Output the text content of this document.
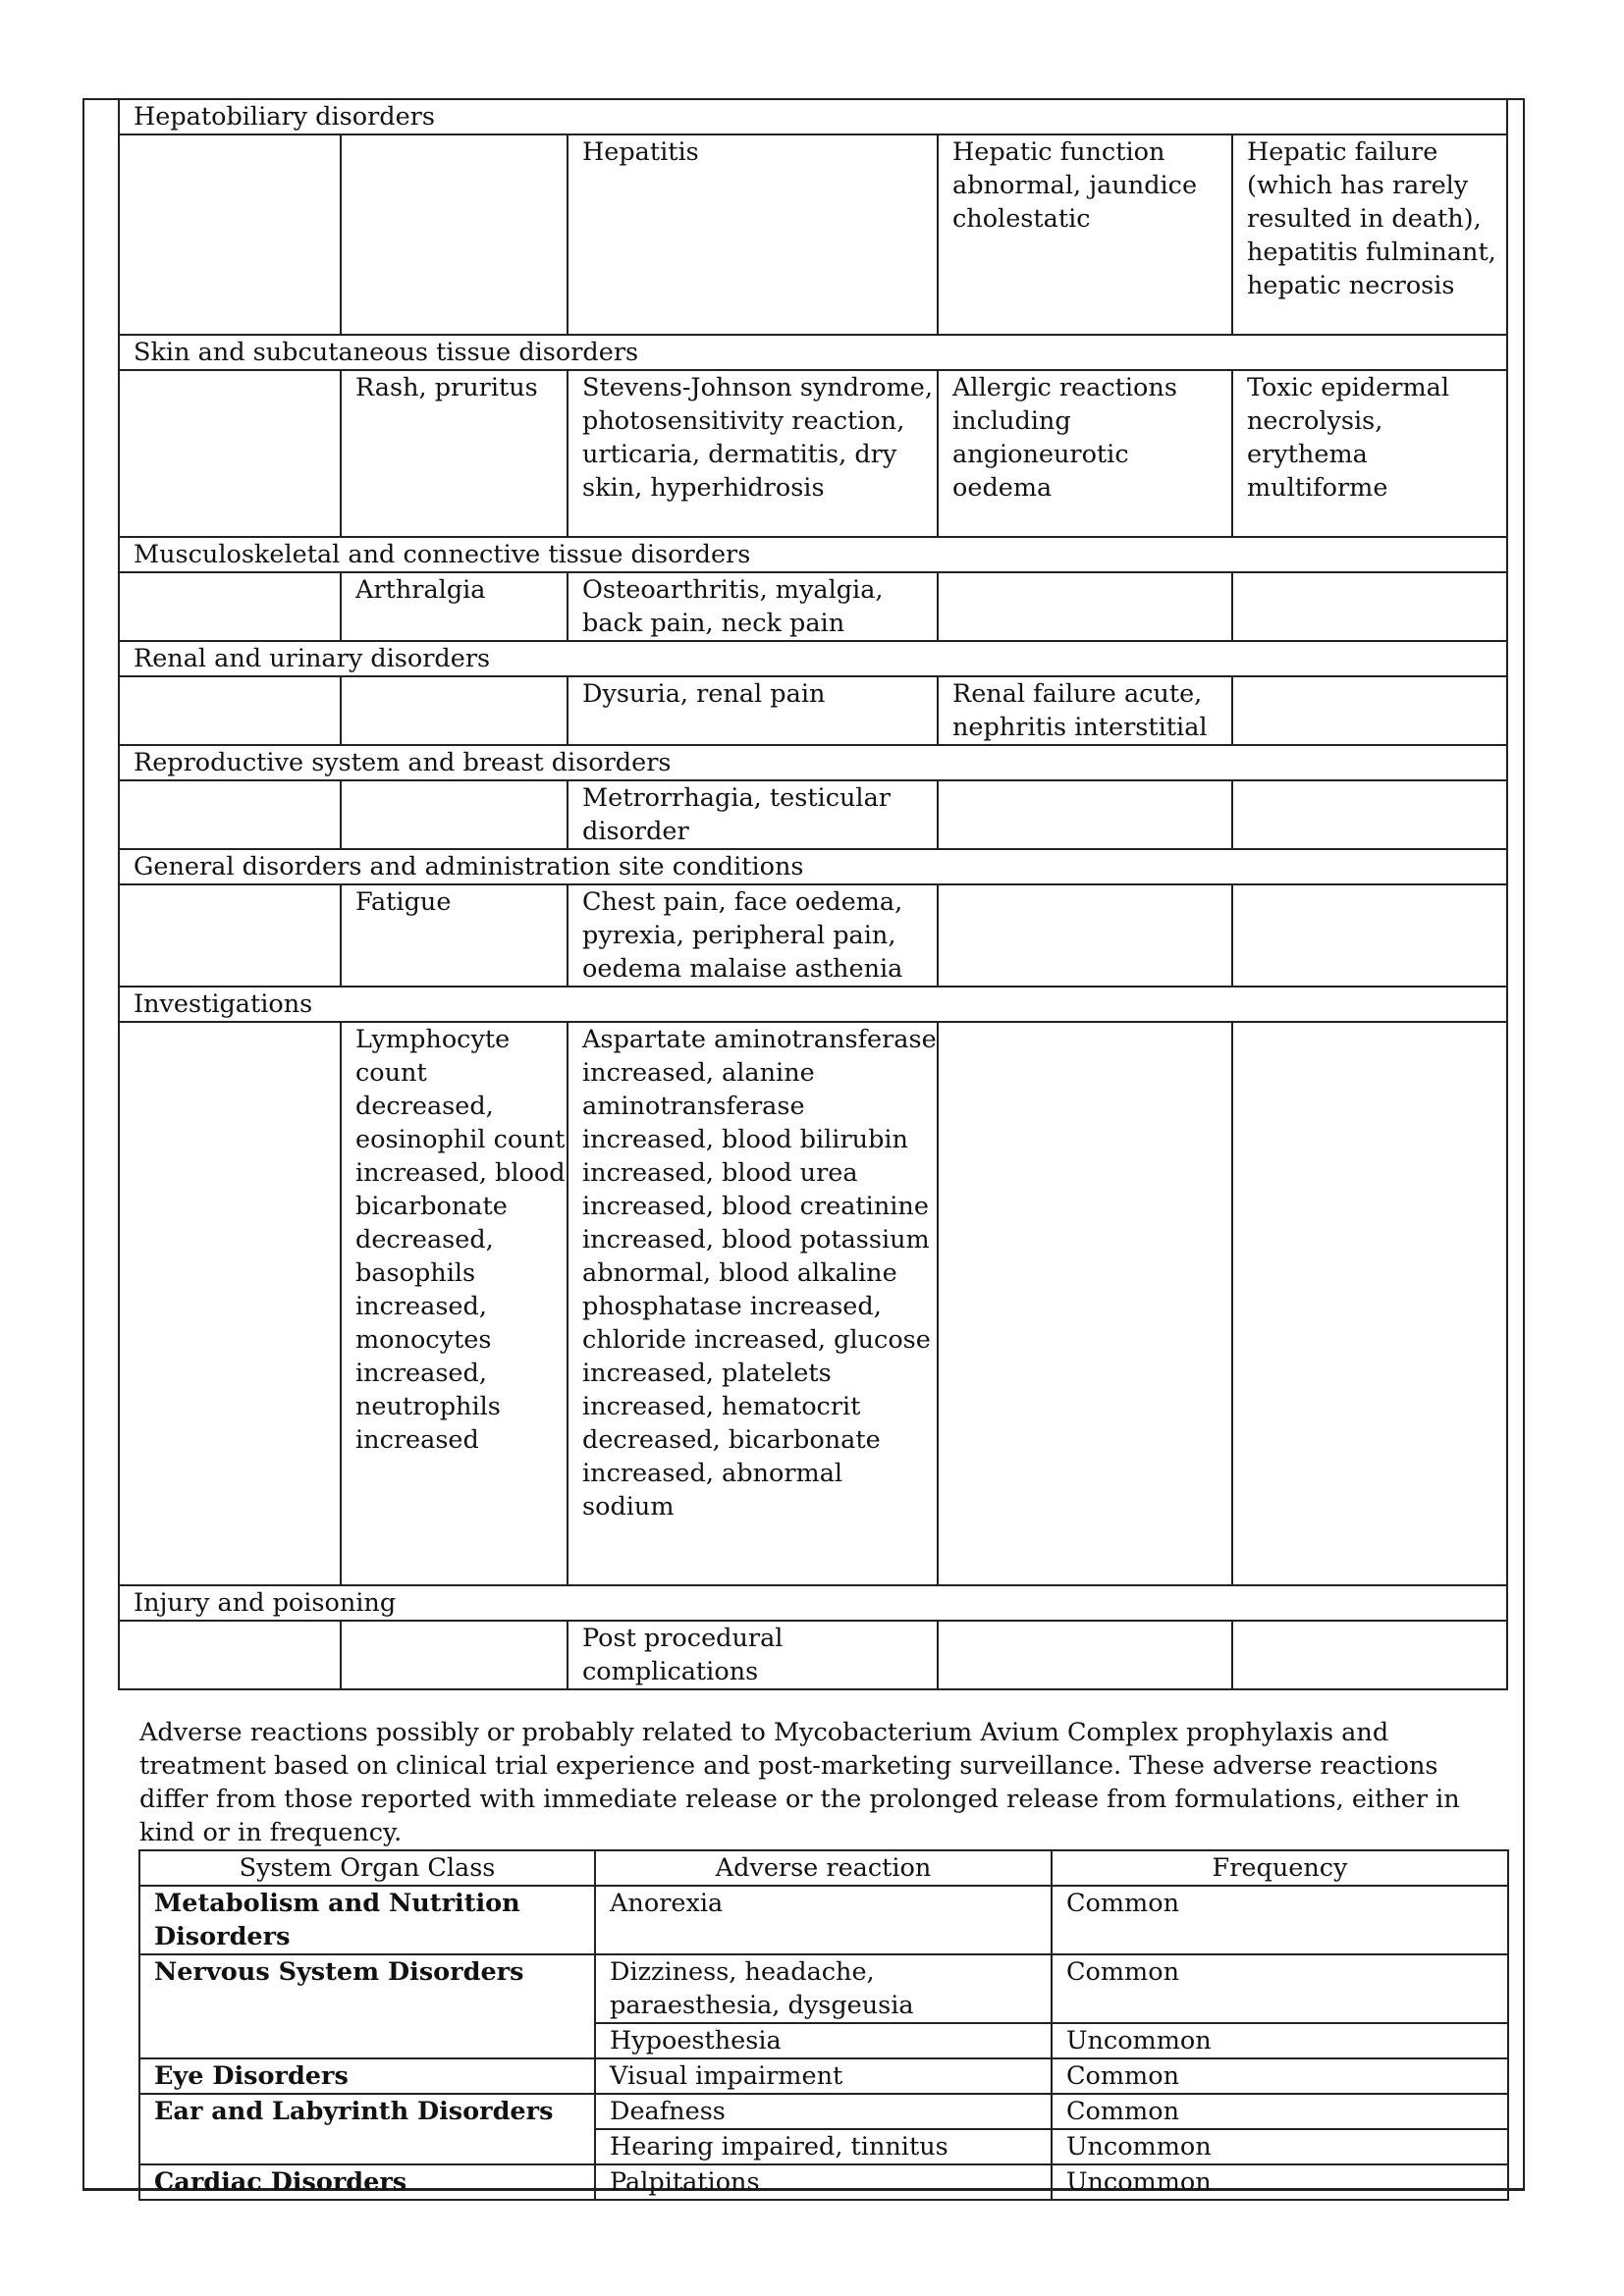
Hepatobiliary disorders				
		Hepatitis	Hepatic function abnormal, jaundice cholestatic	Hepatic failure (which has rarely resulted in death), hepatitis fulminant, hepatic necrosis
Skin and subcutaneous tissue disorders				
	Rash, pruritus	Stevens-Johnson syndrome, photosensitivity reaction, urticaria, dermatitis, dry skin, hyperhidrosis	Allergic reactions including angioneurotic oedema	Toxic epidermal necrolysis, erythema multiforme
Musculoskeletal and connective tissue disorders				
	Arthralgia	Osteoarthritis, myalgia, back pain, neck pain		
Renal and urinary disorders				
		Dysuria, renal pain	Renal failure acute, nephritis interstitial	
Reproductive system and breast disorders				
		Metrorrhagia, testicular disorder		
General disorders and administration site conditions				
	Fatigue	Chest pain, face oedema, pyrexia, peripheral pain, oedema malaise asthenia		
Investigations				
	Lymphocyte count decreased, eosinophil count increased, blood bicarbonate decreased, basophils increased, monocytes increased, neutrophils increased	Aspartate aminotransferase increased, alanine aminotransferase increased, blood bilirubin increased, blood urea increased, blood creatinine increased, blood potassium abnormal, blood alkaline phosphatase increased, chloride increased, glucose increased, platelets increased, hematocrit decreased, bicarbonate increased, abnormal sodium		
Injury and poisoning				
		Post procedural complications		

Adverse reactions possibly or probably related to Mycobacterium Avium Complex prophylaxis and treatment based on clinical trial experience and post-marketing surveillance. These adverse reactions differ from those reported with immediate release or the prolonged release from formulations, either in kind or in frequency.

System Organ Class	Adverse reaction	Frequency
Metabolism and Nutrition Disorders	Anorexia	Common
Nervous System Disorders	Dizziness, headache, paraesthesia, dysgeusia	Common
	Hypoesthesia	Uncommon
Eye Disorders	Visual impairment	Common
Ear and Labyrinth Disorders	Deafness	Common
	Hearing impaired, tinnitus	Uncommon
Cardiac Disorders	Palpitations	Uncommon
